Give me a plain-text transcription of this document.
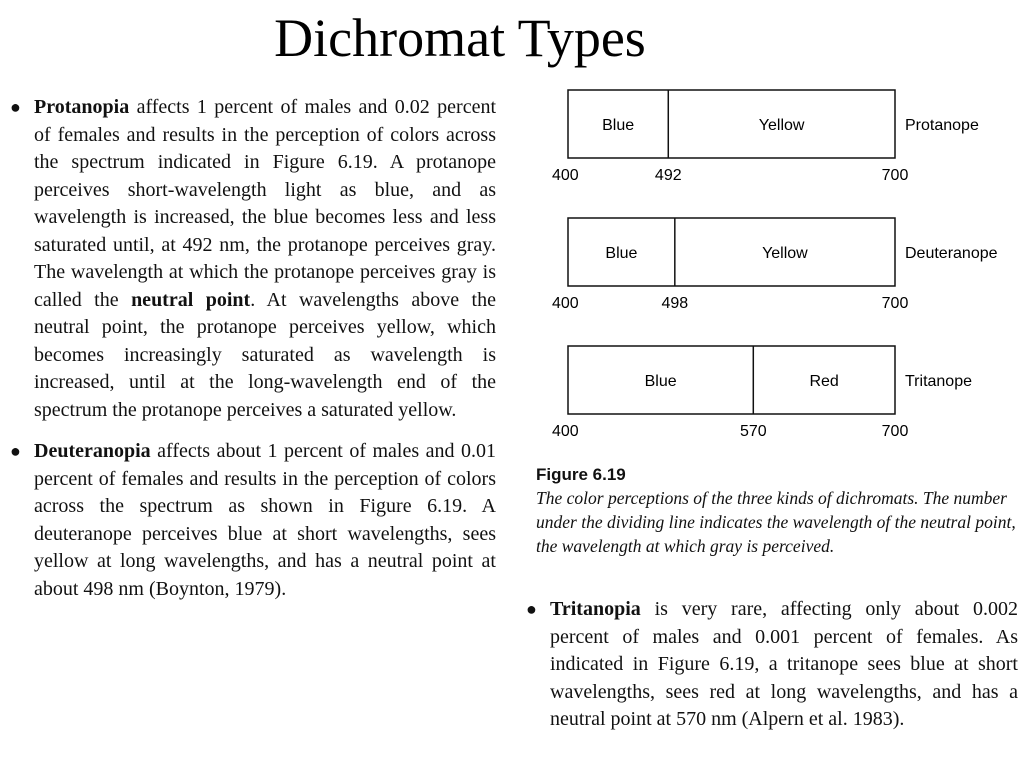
Dichromat Types
● Protanopia affects 1 percent of males and 0.02 percent of females and results in the perception of colors across the spectrum indicated in Figure 6.19. A protanope perceives short-wavelength light as blue, and as wavelength is increased, the blue becomes less and less saturated until, at 492 nm, the protanope perceives gray. The wavelength at which the protanope perceives gray is called the neutral point. At wavelengths above the neutral point, the protanope perceives yellow, which becomes increasingly saturated as wavelength is increased, until at the long-wavelength end of the spectrum the protanope perceives a saturated yellow.

● Deuteranopia affects about 1 percent of males and 0.01 percent of females and results in the perception of colors across the spectrum as shown in Figure 6.19. A deuteranope perceives blue at short wavelengths, sees yellow at long wavelengths, and has a neutral point at about 498 nm (Boynton, 1979).

Blue	Yellow	Protanope
400	492	700
Blue	Yellow	Deuteranope
400	498	700
Blue	Red	Tritanope
400	570	700
Figure 6.19
The color perceptions of the three kinds of dichromats. The number under the dividing line indicates the wavelength of the neutral point, the wavelength at which gray is perceived.
● Tritanopia is very rare, affecting only about 0.002 percent of males and 0.001 percent of females. As indicated in Figure 6.19, a tritanope sees blue at short wavelengths, sees red at long wavelengths, and has a neutral point at 570 nm (Alpern et al. 1983).
